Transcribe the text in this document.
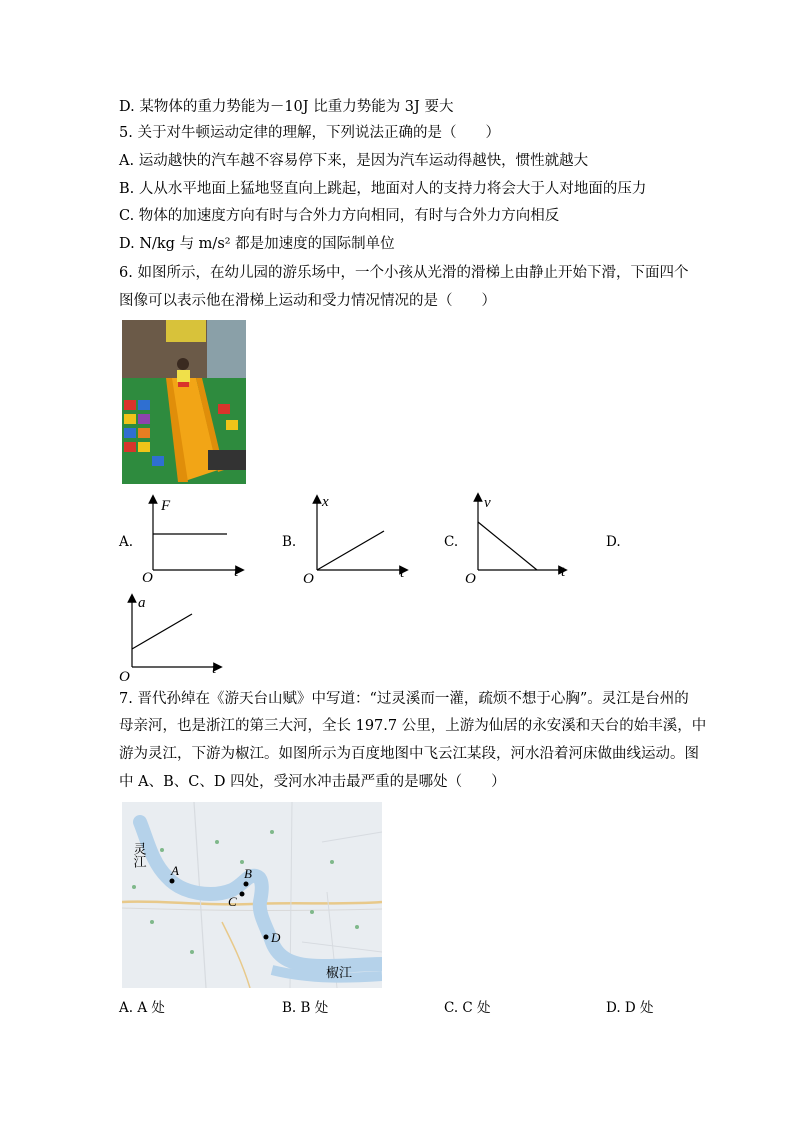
D. 某物体的重力势能为－10J 比重力势能为 3J 要大
5. 关于对牛顿运动定律的理解，下列说法正确的是（　　）
A. 运动越快的汽车越不容易停下来，是因为汽车运动得越快，惯性就越大
B. 人从水平地面上猛地竖直向上跳起，地面对人的支持力将会大于人对地面的压力
C. 物体的加速度方向有时与合外力方向相同，有时与合外力方向相反
D. N/kg 与 m/s² 都是加速度的国际制单位
6. 如图所示，在幼儿园的游乐场中，一个小孩从光滑的滑梯上由静止开始下滑，下面四个
图像可以表示他在滑梯上运动和受力情况情况的是（　　）
A.
F
t
O
B.
x
t
O
C.
v
t
O
D.
a
t
O
7. 晋代孙绰在《游天台山赋》中写道：“过灵溪而一灌，疏烦不想于心胸”。灵江是台州的
母亲河，也是浙江的第三大河，全长 197.7 公里，上游为仙居的永安溪和天台的始丰溪，中
游为灵江，下游为椒江。如图所示为百度地图中飞云江某段，河水沿着河床做曲线运动。图
中 A、B、C、D 四处，受河水冲击最严重的是哪处（　　）
A	B
C
D
灵江
椒江
A. A 处	B. B 处	C. C 处	D. D 处
